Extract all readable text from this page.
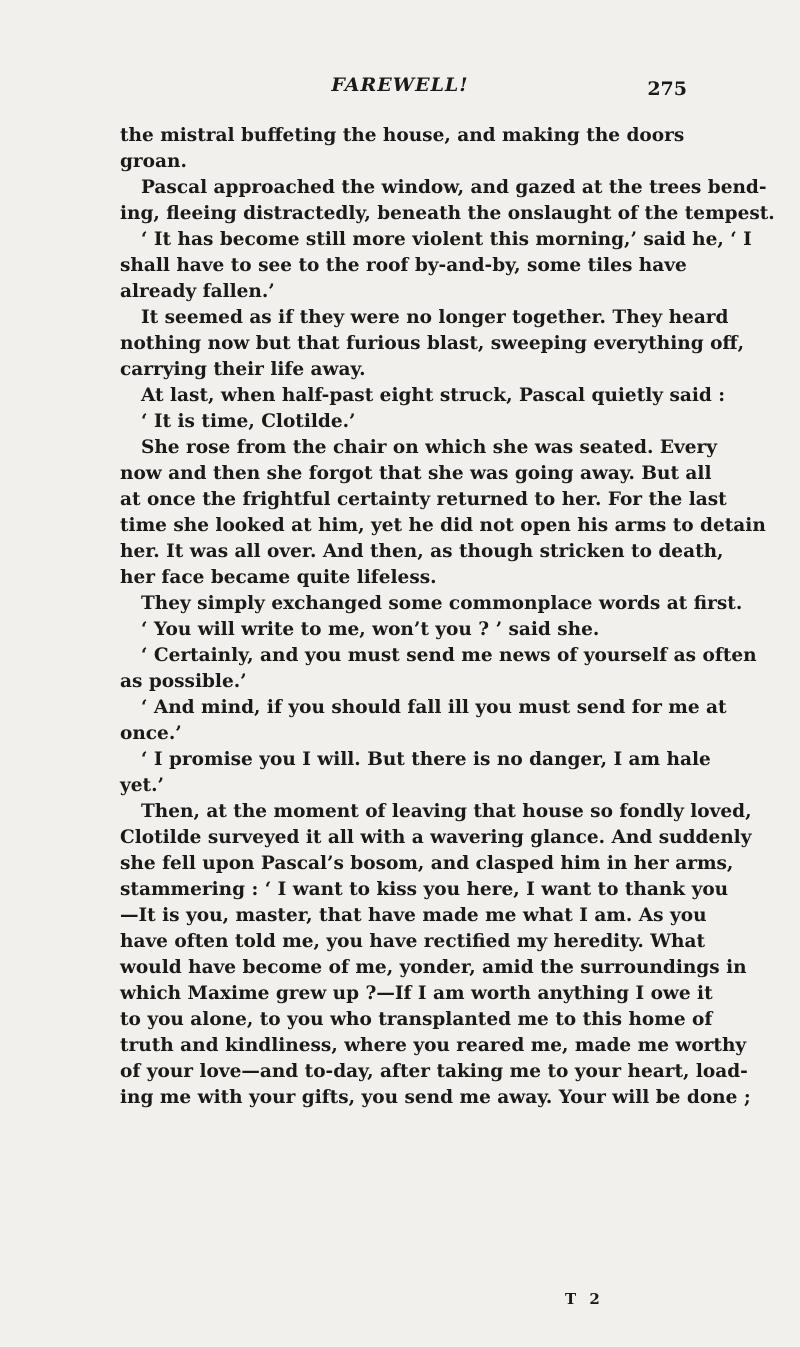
FAREWELL!	275
the mistral buffeting the house, and making the doors
groan.
Pascal approached the window, and gazed at the trees bend-
ing, fleeing distractedly, beneath the onslaught of the tempest.
‘ It has become still more violent this morning,’ said he, ‘ I
shall have to see to the roof by-and-by, some tiles have
already fallen.’
It seemed as if they were no longer together. They heard
nothing now but that furious blast, sweeping everything off,
carrying their life away.
At last, when half-past eight struck, Pascal quietly said :
‘ It is time, Clotilde.’
She rose from the chair on which she was seated. Every
now and then she forgot that she was going away. But all
at once the frightful certainty returned to her. For the last
time she looked at him, yet he did not open his arms to detain
her. It was all over. And then, as though stricken to death,
her face became quite lifeless.
They simply exchanged some commonplace words at first.
‘ You will write to me, won’t you ? ’ said she.
‘ Certainly, and you must send me news of yourself as often
as possible.’
‘ And mind, if you should fall ill you must send for me at
once.’
‘ I promise you I will. But there is no danger, I am hale
yet.’
Then, at the moment of leaving that house so fondly loved,
Clotilde surveyed it all with a wavering glance. And suddenly
she fell upon Pascal’s bosom, and clasped him in her arms,
stammering : ‘ I want to kiss you here, I want to thank you
—It is you, master, that have made me what I am. As you
have often told me, you have rectified my heredity. What
would have become of me, yonder, amid the surroundings in
which Maxime grew up ?—If I am worth anything I owe it
to you alone, to you who transplanted me to this home of
truth and kindliness, where you reared me, made me worthy
of your love—and to-day, after taking me to your heart, load-
ing me with your gifts, you send me away. Your will be done ;
T 2
